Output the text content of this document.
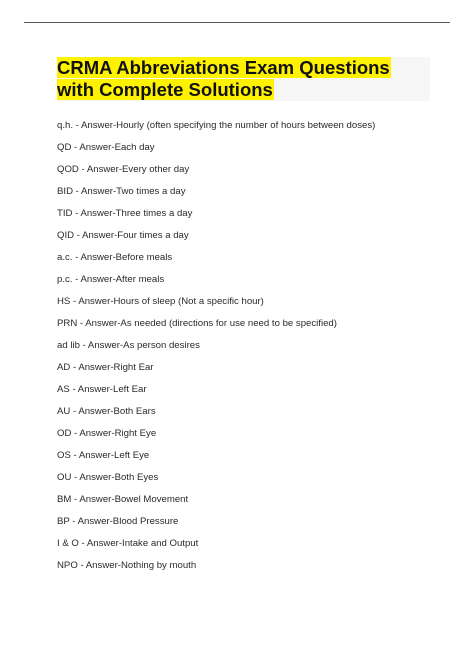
CRMA Abbreviations Exam Questions
with Complete Solutions
q.h. - Answer-Hourly (often specifying the number of hours between doses)
QD - Answer-Each day
QOD - Answer-Every other day
BID - Answer-Two times a day
TID - Answer-Three times a day
QID - Answer-Four times a day
a.c. - Answer-Before meals
p.c. - Answer-After meals
HS - Answer-Hours of sleep (Not a specific hour)
PRN - Answer-As needed (directions for use need to be specified)
ad lib - Answer-As person desires
AD - Answer-Right Ear
AS - Answer-Left Ear
AU - Answer-Both Ears
OD - Answer-Right Eye
OS - Answer-Left Eye
OU - Answer-Both Eyes
BM - Answer-Bowel Movement
BP - Answer-Blood Pressure
I & O - Answer-Intake and Output
NPO - Answer-Nothing by mouth
